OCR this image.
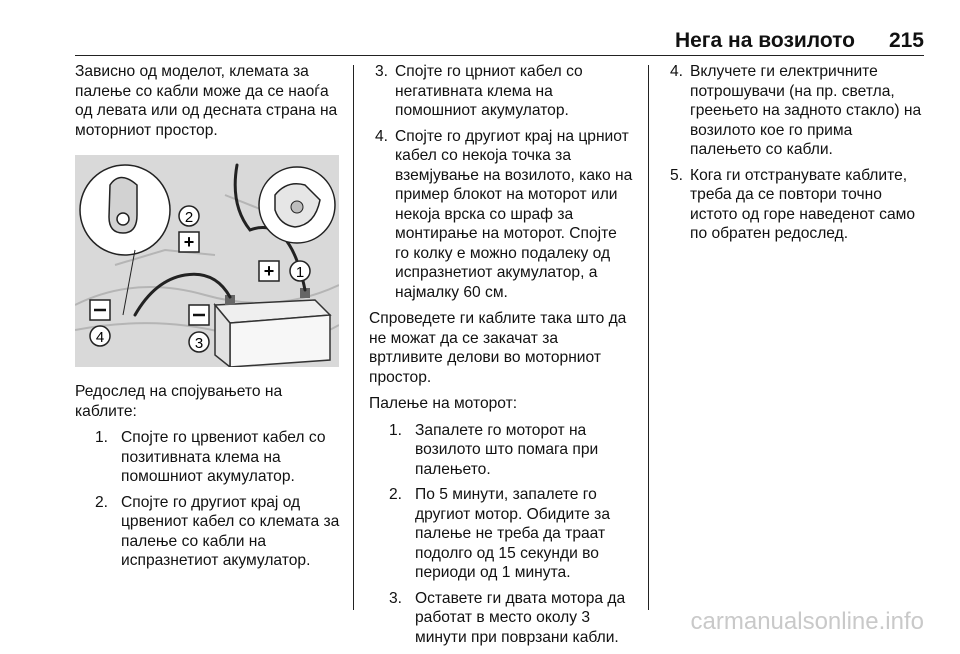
Нега на возилото 215

Зависно од моделот, клемата за палење со кабли може да се наоѓа од левата или од десната страна на моторниот простор.

2
+
+ 1
4	3

Редослед на спојувањето на каблите:

1. Спојте го црвениот кабел со позитивната клема на помошниот акумулатор.
2. Спојте го другиот крај од црвениот кабел со клемата за палење со кабли на испразнетиот акумулатор.
3. Спојте го црниот кабел со негативната клема на помошниот акумулатор.
4. Спојте го другиот крај на црниот кабел со некоја точка за вземјување на возилото, како на пример блокот на моторот или некоја врска со шраф за монтирање на моторот. Спојте го колку е можно подалеку од испразнетиот акумулатор, а најмалку 60 см.

Спроведете ги каблите така што да не можат да се закачат за вртливите делови во моторниот простор.

Палење на моторот:

1. Запалете го моторот на возилото што помага при палењето.
2. По 5 минути, запалете го другиот мотор. Обидите за палење не треба да траат подолго од 15 секунди во периоди од 1 минута.
3. Оставете ги двата мотора да работат в место околу 3 минути при поврзани кабли.
4. Вклучете ги електричните потрошувачи (на пр. светла, греењето на задното стакло) на возилото кое го прима палењето со кабли.
5. Кога ги отстранувате каблите, треба да се повтори точно истото од горе наведенот само по обратен редослед.
carmanualsonline.info
